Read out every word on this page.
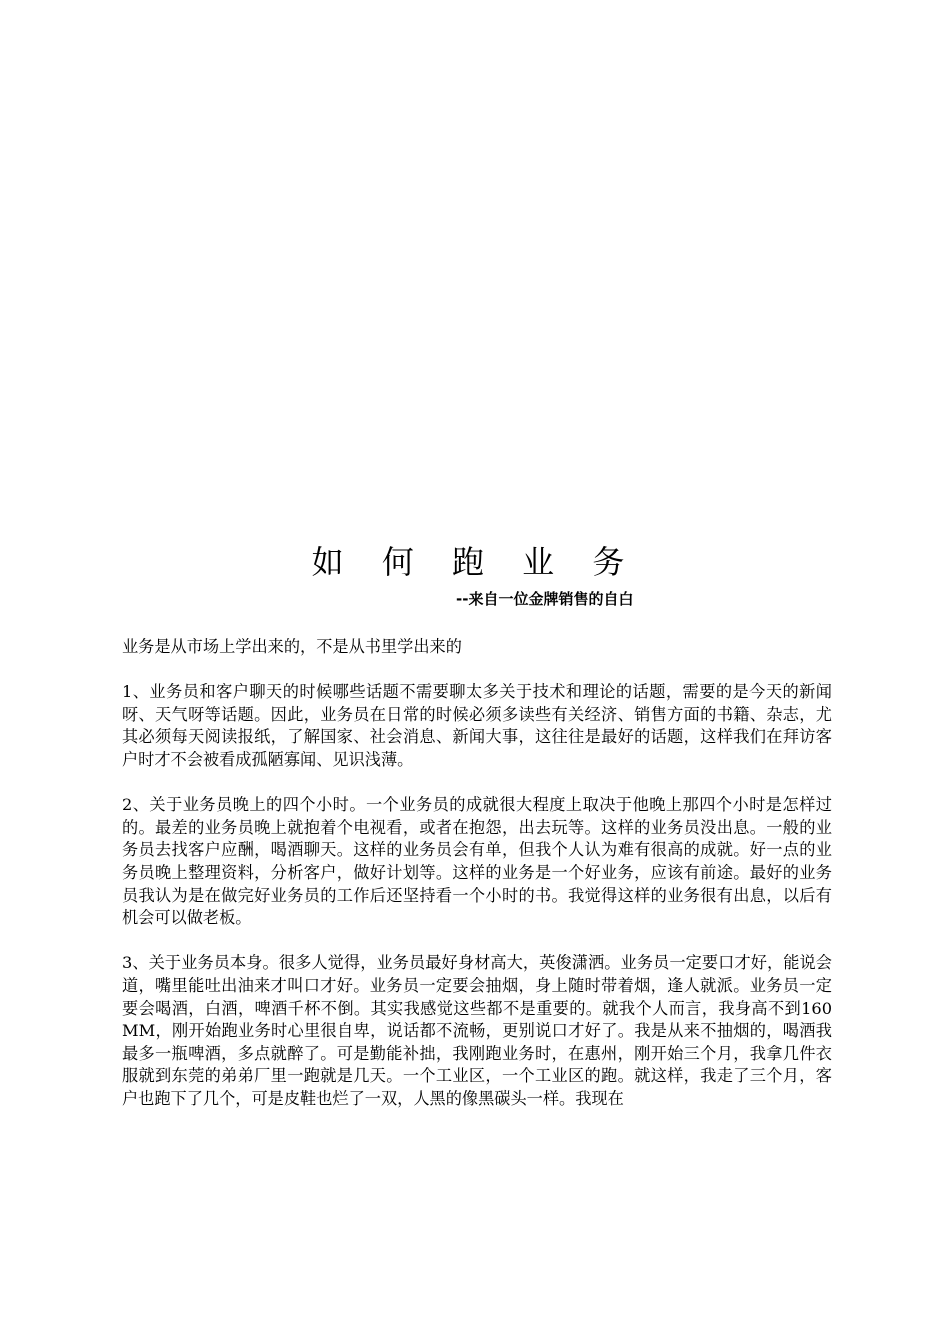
如 何 跑 业 务
--来自一位金牌销售的自白

业务是从市场上学出来的，不是从书里学出来的

1、业务员和客户聊天的时候哪些话题不需要聊太多关于技术和理论的话题，需要的是今天的新闻呀、天气呀等话题。因此，业务员在日常的时候必须多读些有关经济、销售方面的书籍、杂志，尤其必须每天阅读报纸，了解国家、社会消息、新闻大事，这往往是最好的话题，这样我们在拜访客户时才不会被看成孤陋寡闻、见识浅薄。

2、关于业务员晚上的四个小时。一个业务员的成就很大程度上取决于他晚上那四个小时是怎样过的。最差的业务员晚上就抱着个电视看，或者在抱怨，出去玩等。这样的业务员没出息。一般的业务员去找客户应酬，喝酒聊天。这样的业务员会有单，但我个人认为难有很高的成就。好一点的业务员晚上整理资料，分析客户，做好计划等。这样的业务是一个好业务，应该有前途。最好的业务员我认为是在做完好业务员的工作后还坚持看一个小时的书。我觉得这样的业务很有出息，以后有机会可以做老板。

3、关于业务员本身。很多人觉得，业务员最好身材高大，英俊潇洒。业务员一定要口才好，能说会道，嘴里能吐出油来才叫口才好。业务员一定要会抽烟，身上随时带着烟，逢人就派。业务员一定要会喝酒，白酒，啤酒千杯不倒。其实我感觉这些都不是重要的。就我个人而言，我身高不到160MM，刚开始跑业务时心里很自卑，说话都不流畅，更别说口才好了。我是从来不抽烟的，喝酒我最多一瓶啤酒，多点就醉了。可是勤能补拙，我刚跑业务时，在惠州，刚开始三个月，我拿几件衣服就到东莞的弟弟厂里一跑就是几天。一个工业区，一个工业区的跑。就这样，我走了三个月，客户也跑下了几个，可是皮鞋也烂了一双，人黑的像黑碳头一样。我现在
